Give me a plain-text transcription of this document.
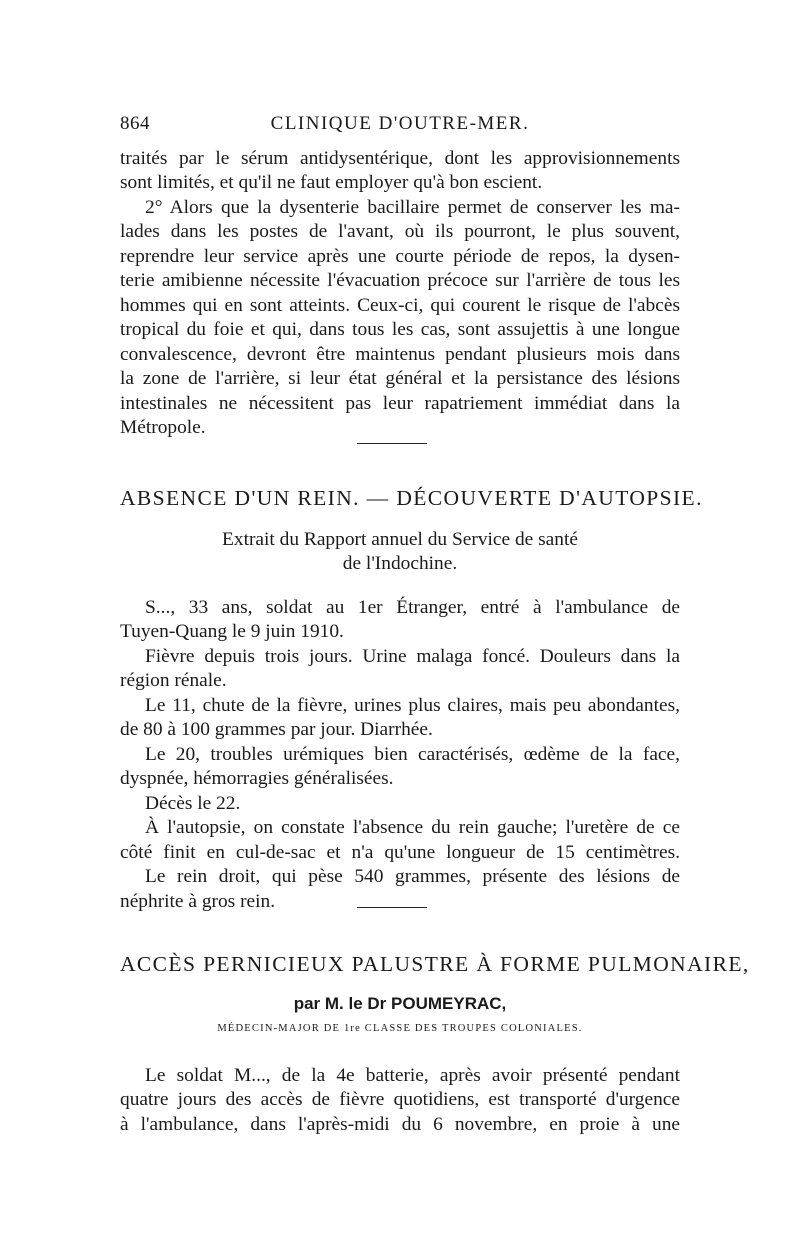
864	CLINIQUE D'OUTRE-MER.
traités par le sérum antidysentérique, dont les approvisionnements
sont limités, et qu'il ne faut employer qu'à bon escient.
2° Alors que la dysenterie bacillaire permet de conserver les ma-
lades dans les postes de l'avant, où ils pourront, le plus souvent,
reprendre leur service après une courte période de repos, la dysen-
terie amibienne nécessite l'évacuation précoce sur l'arrière de tous les
hommes qui en sont atteints. Ceux-ci, qui courent le risque de l'abcès
tropical du foie et qui, dans tous les cas, sont assujettis à une longue
convalescence, devront être maintenus pendant plusieurs mois dans
la zone de l'arrière, si leur état général et la persistance des lésions
intestinales ne nécessitent pas leur rapatriement immédiat dans la
Métropole.
ABSENCE D'UN REIN. — DÉCOUVERTE D'AUTOPSIE.
Extrait du Rapport annuel du Service de santé
de l'Indochine.
S..., 33 ans, soldat au 1er Étranger, entré à l'ambulance de
Tuyen-Quang le 9 juin 1910.
Fièvre depuis trois jours. Urine malaga foncé. Douleurs dans la
région rénale.
Le 11, chute de la fièvre, urines plus claires, mais peu abondantes,
de 80 à 100 grammes par jour. Diarrhée.
Le 20, troubles urémiques bien caractérisés, œdème de la face,
dyspnée, hémorragies généralisées.
Décès le 22.
À l'autopsie, on constate l'absence du rein gauche; l'uretère de ce
côté finit en cul-de-sac et n'a qu'une longueur de 15 centimètres.
Le rein droit, qui pèse 540 grammes, présente des lésions de
néphrite à gros rein.
ACCÈS PERNICIEUX PALUSTRE À FORME PULMONAIRE,
par M. le Dr POUMEYRAC,
MÉDECIN-MAJOR DE 1re CLASSE DES TROUPES COLONIALES.
Le soldat M..., de la 4e batterie, après avoir présenté pendant
quatre jours des accès de fièvre quotidiens, est transporté d'urgence
à l'ambulance, dans l'après-midi du 6 novembre, en proie à une
